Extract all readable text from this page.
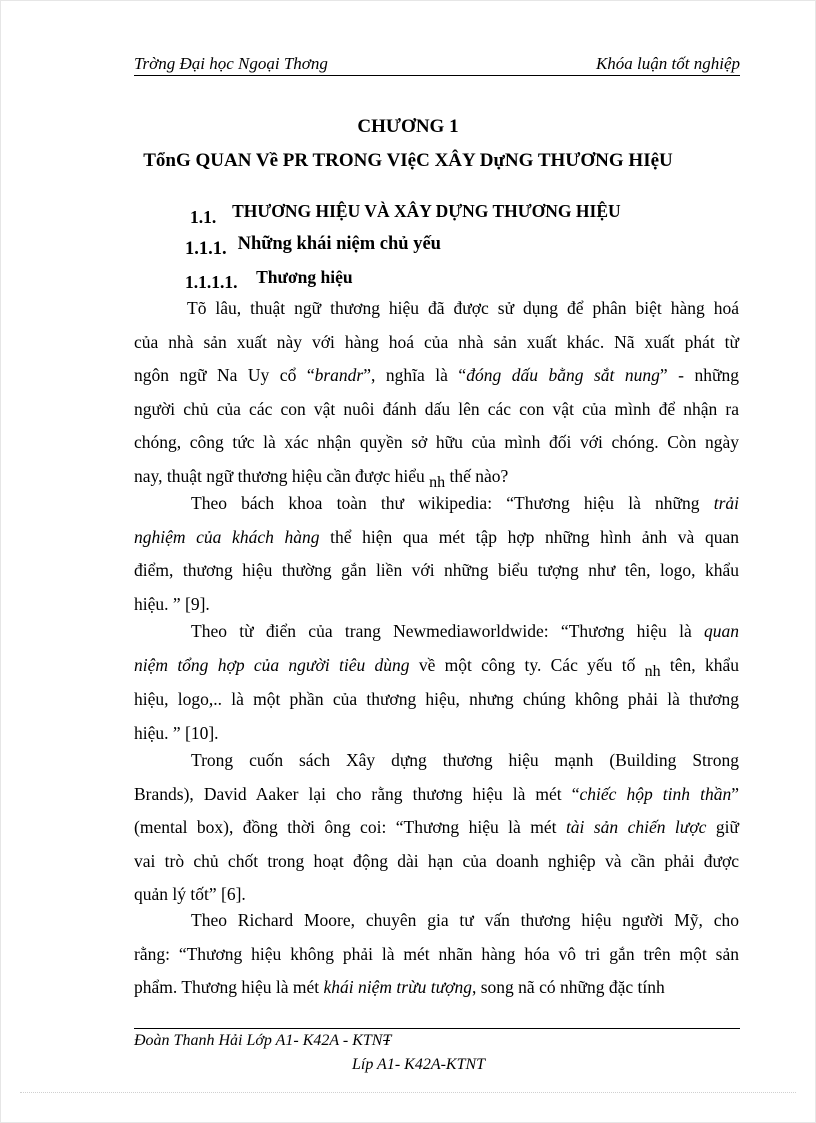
Trờng Đại học Ngoại Thơng	Khóa luận tốt nghiệp
CHƯƠNG 1
TổnG QUAN Về PR TRONG VIệC XÂY DựNG THƯƠNG HIệU
1.1. THƯƠNG HIỆU VÀ XÂY DỰNG THƯƠNG HIỆU
1.1.1. Những khái niệm chủ yếu
1.1.1.1. Thương hiệu
Tõ lâu, thuật ngữ thương hiệu đã được sử dụng để phân biệt hàng hoá
của nhà sản xuất này với hàng hoá của nhà sản xuất khác. Nã xuất phát từ
ngôn ngữ Na Uy cổ “brandr”, nghĩa là “đóng dấu bằng sắt nung” - những
người chủ của các con vật nuôi đánh dấu lên các con vật của mình để nhận ra
chóng, công tức là xác nhận quyền sở hữu của mình đối với chóng. Còn ngày
nay, thuật ngữ thương hiệu cần được hiểu nh thế nào?
Theo bách khoa toàn thư wikipedia: “Thương hiệu là những trải
nghiệm của khách hàng thể hiện qua mét tập hợp những hình ảnh và quan
điểm, thương hiệu thường gắn liền với những biểu tượng như tên, logo, khẩu
hiệu. ” [9].
Theo từ điển của trang Newmediaworldwide: “Thương hiệu là quan
niệm tổng hợp của người tiêu dùng về một công ty. Các yếu tố nh tên, khẩu
hiệu, logo,.. là một phần của thương hiệu, nhưng chúng không phải là thương
hiệu. ” [10].
Trong cuốn sách Xây dựng thương hiệu mạnh (Building Strong
Brands), David Aaker lại cho rằng thương hiệu là mét “chiếc hộp tinh thần”
(mental box), đồng thời ông coi: “Thương hiệu là mét tài sản chiến lược giữ
vai trò chủ chốt trong hoạt động dài hạn của doanh nghiệp và cần phải được
quản lý tốt” [6].
Theo Richard Moore, chuyên gia tư vấn thương hiệu người Mỹ, cho
rằng: “Thương hiệu không phải là mét nhãn hàng hóa vô tri gắn trên một sản
phẩm. Thương hiệu là mét khái niệm trừu tượng, song nã có những đặc tính
Đoàn Thanh Hải Lớp A1- K42A - KTNT
Líp A1- K42A-KTNT
